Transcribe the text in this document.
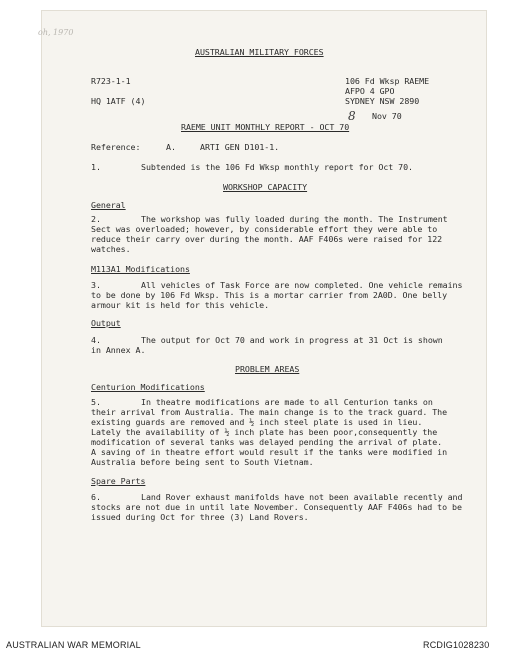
oh, 1970
AUSTRALIAN MILITARY FORCES
R723-1-1
HQ 1ATF (4)
106 Fd Wksp RAEME
AFPO 4 GPO
SYDNEY NSW 2890
8 Nov 70
RAEME UNIT MONTHLY REPORT - OCT 70
Reference:	A.	ARTI GEN D101-1.
1.	Subtended is the 106 Fd Wksp monthly report for Oct 70.
WORKSHOP CAPACITY
General
2.	The workshop was fully loaded during the month. The Instrument
Sect was overloaded; however, by considerable effort they were able to
reduce their carry over during the month. AAF F406s were raised for 122
watches.
M113A1 Modifications
3.	All vehicles of Task Force are now completed. One vehicle remains
to be done by 106 Fd Wksp. This is a mortar carrier from 2A0D. One belly
armour kit is held for this vehicle.
Output
4.	The output for Oct 70 and work in progress at 31 Oct is shown
in Annex A.
PROBLEM AREAS
Centurion Modifications
5.	In theatre modifications are made to all Centurion tanks on
their arrival from Australia. The main change is to the track guard. The
existing guards are removed and ½ inch steel plate is used in lieu.
Lately the availability of ½ inch plate has been poor,consequently the
modification of several tanks was delayed pending the arrival of plate.
A saving of in theatre effort would result if the tanks were modified in
Australia before being sent to South Vietnam.
Spare Parts
6.	Land Rover exhaust manifolds have not been available recently and
stocks are not due in until late November. Consequently AAF F406s had to be
issued during Oct for three (3) Land Rovers.
AUSTRALIAN WAR MEMORIAL	RCDIG1028230
